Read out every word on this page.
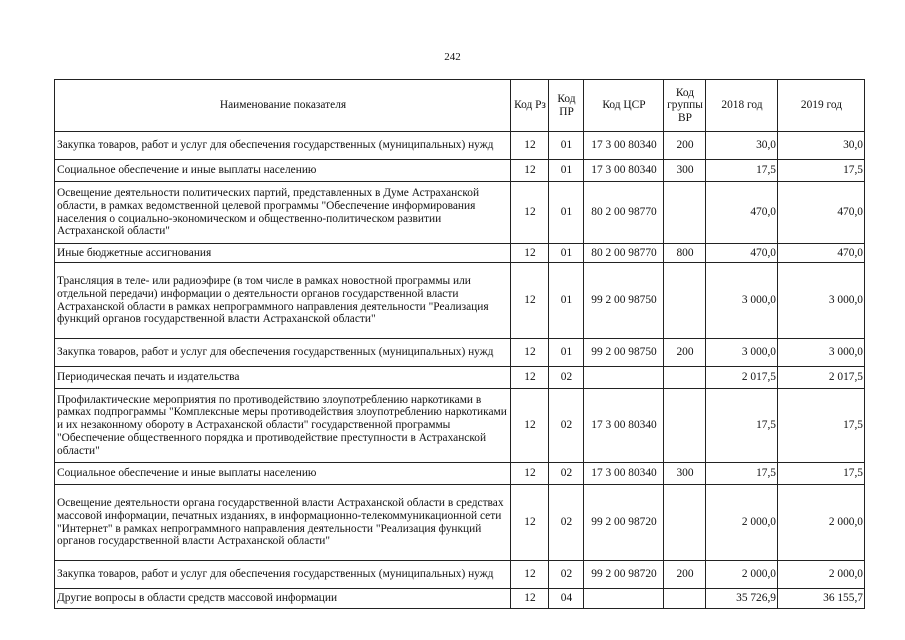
242
Наименование показателя	Код Рз	Код ПР	Код ЦСР	Код группы ВР	2018 год	2019 год
Закупка товаров, работ и услуг для обеспечения государственных (муниципальных) нужд	12	01	17 3 00 80340	200	30,0	30,0
Социальное обеспечение и иные выплаты населению	12	01	17 3 00 80340	300	17,5	17,5
Освещение деятельности политических партий, представленных в Думе Астраханской области, в рамках ведомственной целевой программы "Обеспечение информирования населения о социально-экономическом и общественно-политическом развитии Астраханской области"	12	01	80 2 00 98770		470,0	470,0
Иные бюджетные ассигнования	12	01	80 2 00 98770	800	470,0	470,0
Трансляция в теле- или радиоэфире (в том числе в рамках новостной программы или отдельной передачи) информации о деятельности органов государственной власти Астраханской области в рамках непрограммного направления деятельности "Реализация функций органов государственной власти Астраханской области"	12	01	99 2 00 98750		3 000,0	3 000,0
Закупка товаров, работ и услуг для обеспечения государственных (муниципальных) нужд	12	01	99 2 00 98750	200	3 000,0	3 000,0
Периодическая печать и издательства	12	02			2 017,5	2 017,5
Профилактические мероприятия по противодействию злоупотреблению наркотиками в рамках подпрограммы "Комплексные меры противодействия злоупотреблению наркотиками и их незаконному обороту в Астраханской области" государственной программы "Обеспечение общественного порядка и противодействие преступности в Астраханской области"	12	02	17 3 00 80340		17,5	17,5
Социальное обеспечение и иные выплаты населению	12	02	17 3 00 80340	300	17,5	17,5
Освещение деятельности органа государственной власти Астраханской области в средствах массовой информации, печатных изданиях, в информационно-телекоммуникационной сети "Интернет" в рамках непрограммного направления деятельности "Реализация функций органов государственной власти Астраханской области"	12	02	99 2 00 98720		2 000,0	2 000,0
Закупка товаров, работ и услуг для обеспечения государственных (муниципальных) нужд	12	02	99 2 00 98720	200	2 000,0	2 000,0
Другие вопросы в области средств массовой информации	12	04			35 726,9	36 155,7
